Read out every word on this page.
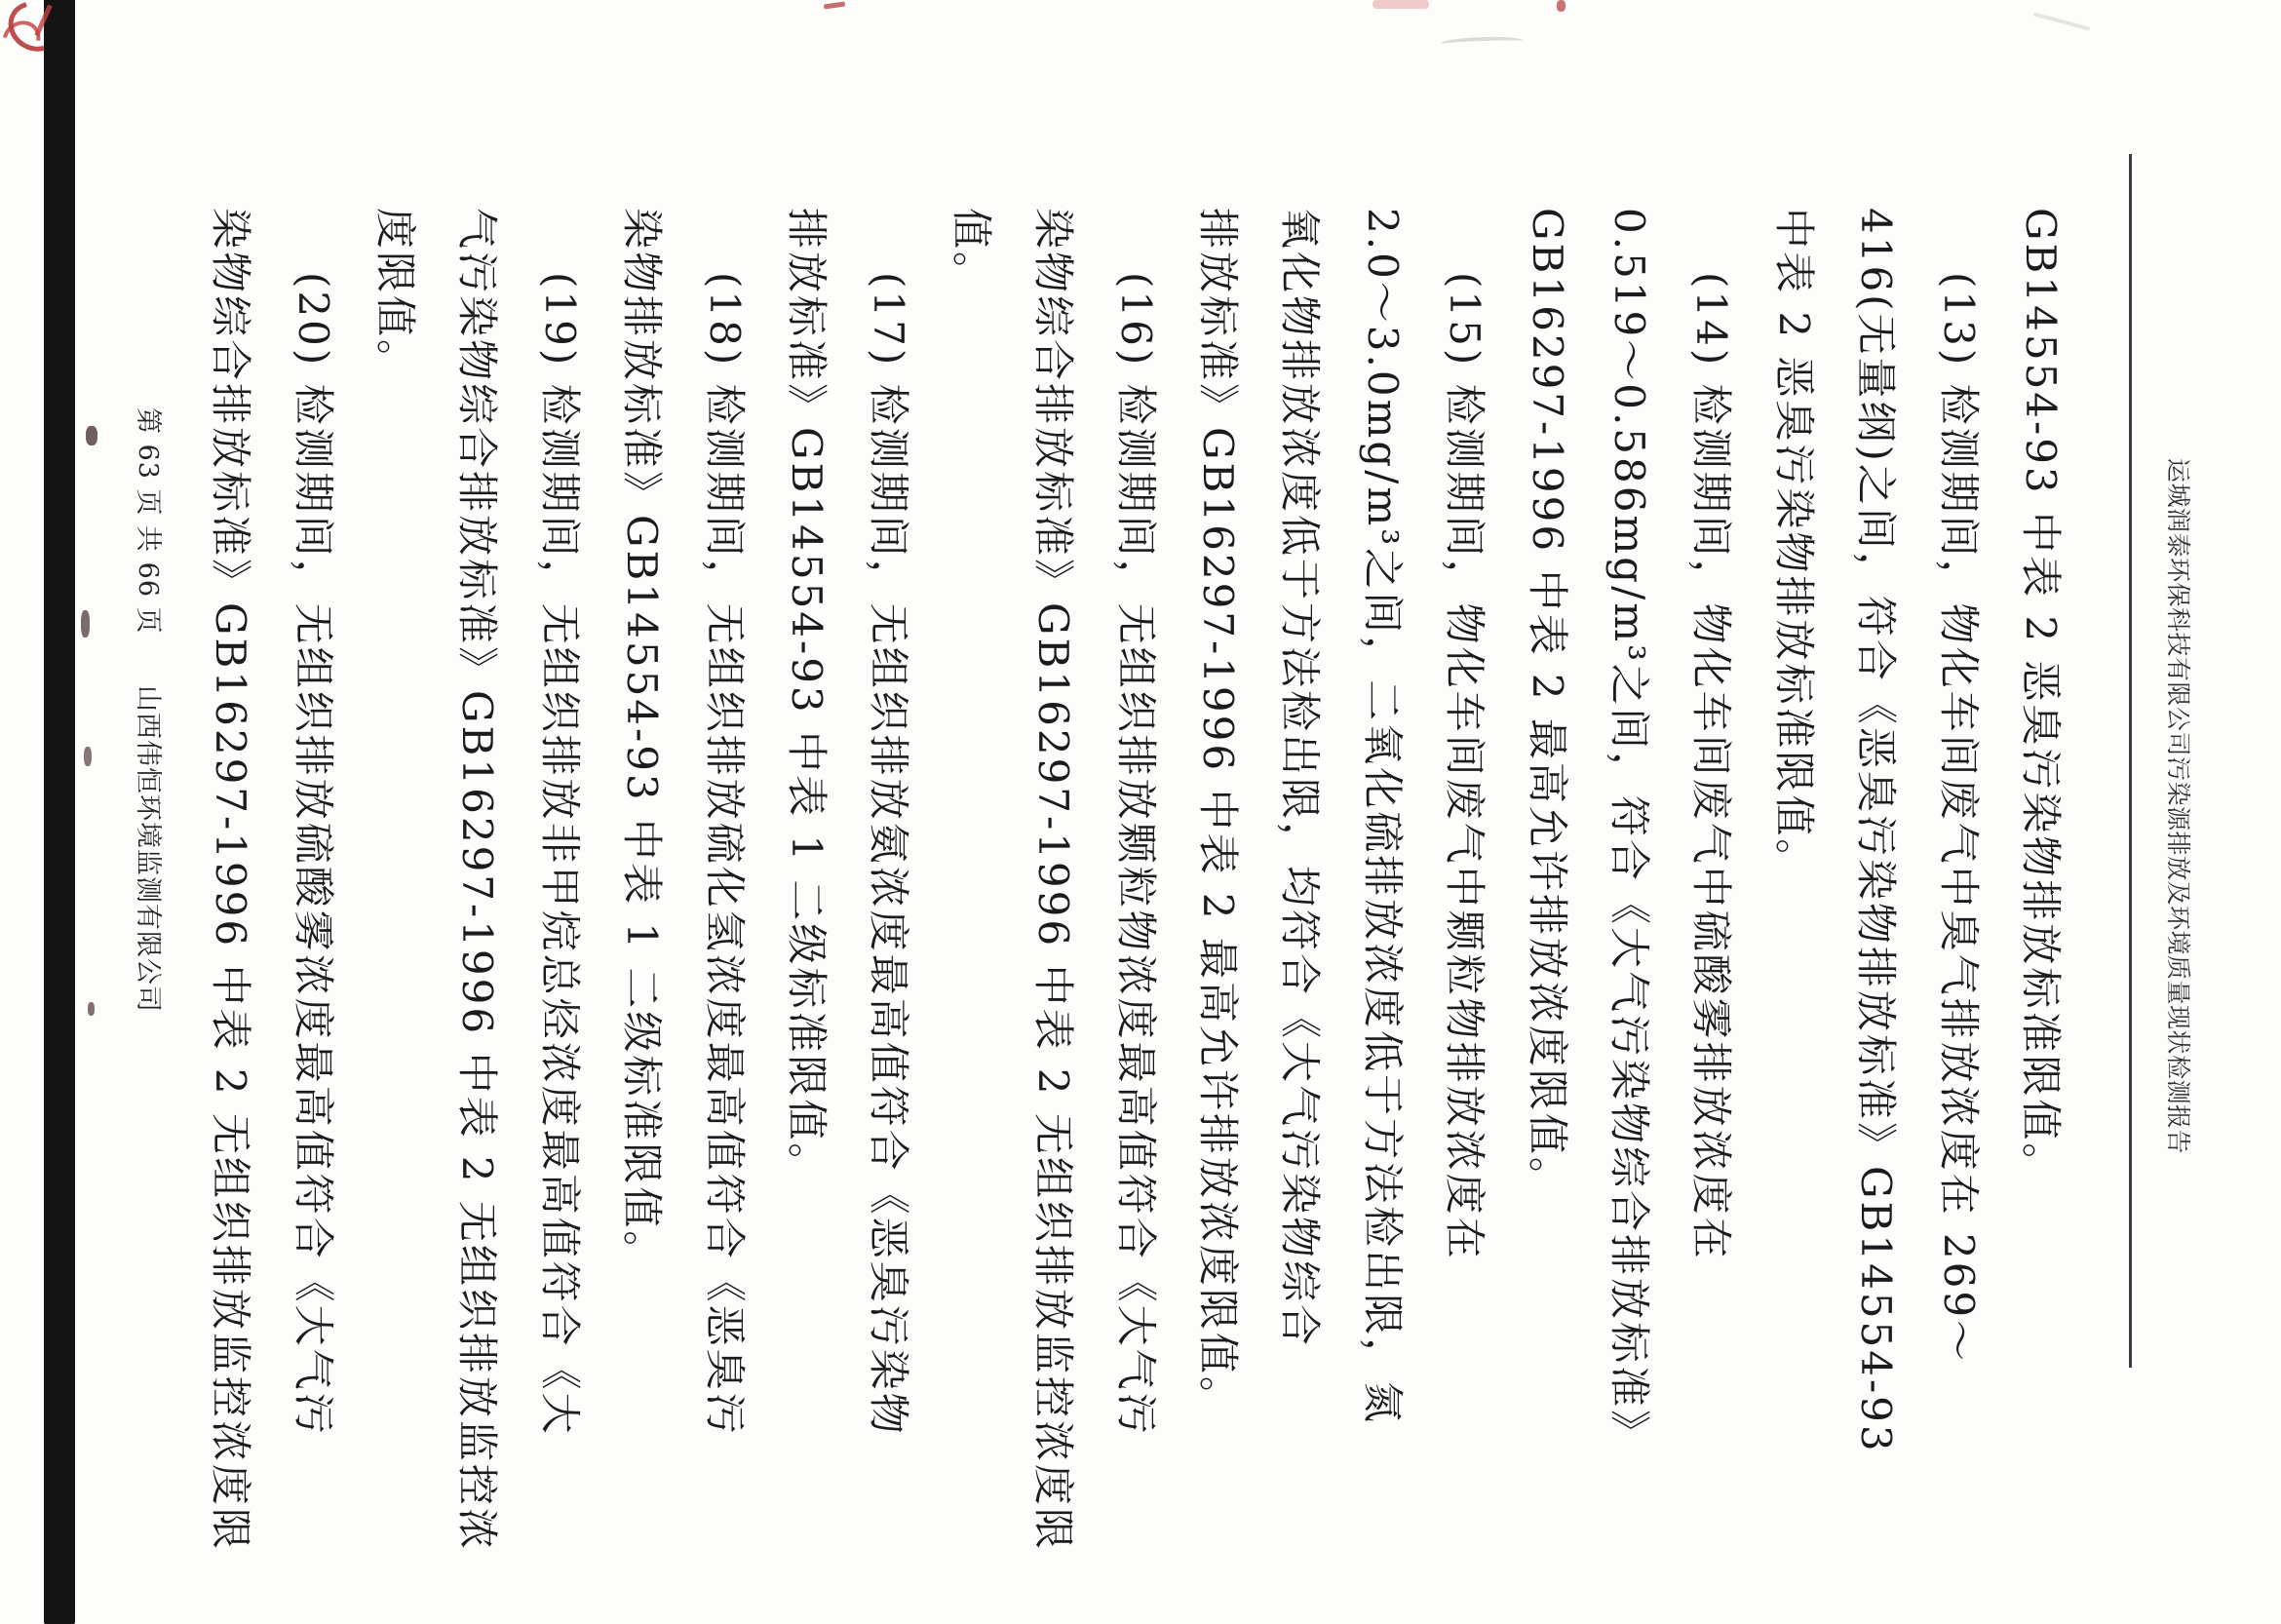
运城润泰环保科技有限公司污染源排放及环境质量现状检测报告
GB14554-93 中表 2 恶臭污染物排放标准限值。
(13) 检测期间，物化车间废气中臭气排放浓度在 269～
416(无量纲)之间，符合《恶臭污染物排放标准》GB14554-93
中表 2 恶臭污染物排放标准限值。
(14) 检测期间，物化车间废气中硫酸雾排放浓度在
0.519～0.586mg/m³之间，符合《大气污染物综合排放标准》
GB16297-1996 中表 2 最高允许排放浓度限值。
(15) 检测期间，物化车间废气中颗粒物排放浓度在
2.0～3.0mg/m³之间，二氧化硫排放浓度低于方法检出限，氮
氧化物排放浓度低于方法检出限，均符合《大气污染物综合
排放标准》GB16297-1996 中表 2 最高允许排放浓度限值。
(16) 检测期间，无组织排放颗粒物浓度最高值符合《大气污
染物综合排放标准》GB16297-1996 中表 2 无组织排放监控浓度限
值。
(17) 检测期间，无组织排放氨浓度最高值符合《恶臭污染物
排放标准》GB14554-93 中表 1 二级标准限值。
(18) 检测期间，无组织排放硫化氢浓度最高值符合《恶臭污
染物排放标准》GB14554-93 中表 1 二级标准限值。
(19) 检测期间，无组织排放非甲烷总烃浓度最高值符合《大
气污染物综合排放标准》GB16297-1996 中表 2 无组织排放监控浓
度限值。
(20) 检测期间，无组织排放硫酸雾浓度最高值符合《大气污
染物综合排放标准》GB16297-1996 中表 2 无组织排放监控浓度限
第 63 页 共 66 页
山西伟恒环境监测有限公司
